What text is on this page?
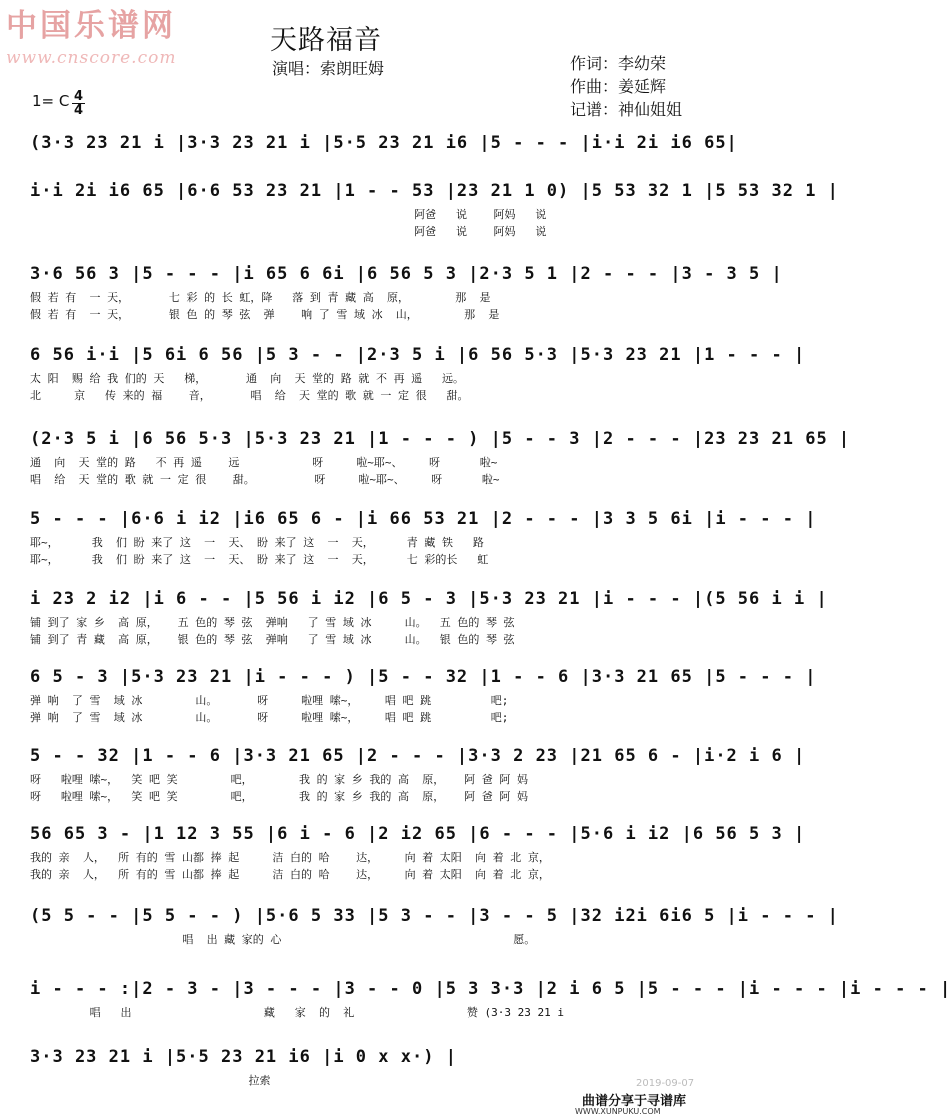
中国乐谱网
www.cnscore.com
天路福音
演唱：索朗旺姆	作词：李幼荣
作曲：姜延辉
记谱：神仙姐姐
1= C 4
4
(3·3 23 21 i |3·3 23 21 i |5·5 23 21 i6 |5 - - - |i·i 2i i6 65|
i·i 2i i6 65 |6·6 53 23 21 |1 - - 53 |23 21 1 0) |5 53 32 1 |5 53 32 1 |
阿爸   说    阿妈   说
阿爸   说    阿妈   说
3·6 56 3 |5 - - - |i 65 6 6i |6 56 5 3 |2·3 5 1 |2 - - - |3 - 3 5 |
假 若 有  一 天，      七 彩 的 长 虹，降   落 到 青 藏 高  原，       那  是
假 若 有  一 天，      银 色 的 琴 弦  弹    响 了 雪 域 冰  山，       那  是
6 56 i·i |5 6i 6 56 |5 3 - - |2·3 5 i |6 56 5·3 |5·3 23 21 |1 - - - |
太 阳  赐 给 我 们的 天   梯，      通  向  天 堂的 路 就 不 再 遥   远。
北     京   传 来的 福    音，      唱  给  天 堂的 歌 就 一 定 很   甜。
(2·3 5 i |6 56 5·3 |5·3 23 21 |1 - - - ) |5 - - 3 |2 - - - |23 23 21 65 |
通  向  天 堂的 路   不 再 遥    远           呀     啦~耶~、    呀      啦~
唱  给  天 堂的 歌 就 一 定 很    甜。         呀     啦~耶~、    呀      啦~
5 - - - |6·6 i i2 |i6 65 6 - |i 66 53 21 |2 - - - |3 3 5 6i |i - - - |
耶~，     我  们 盼 来了 这  一  天、 盼 来了 这  一  天，     青 藏 铁   路
耶~，     我  们 盼 来了 这  一  天、 盼 来了 这  一  天，     七 彩的长   虹
i 23 2 i2 |i 6 - - |5 56 i i2 |6 5 - 3 |5·3 23 21 |i - - - |(5 56 i i |
铺 到了 家 乡  高 原，   五 色的 琴 弦  弹响   了 雪 域 冰     山。  五 色的 琴 弦
铺 到了 青 藏  高 原，   银 色的 琴 弦  弹响   了 雪 域 冰     山。  银 色的 琴 弦
6 5 - 3 |5·3 23 21 |i - - - ) |5 - - 32 |1 - - 6 |3·3 21 65 |5 - - - |
弹 响  了 雪  域 冰        山。      呀     啦哩 嗦~，    唱 吧 跳         吧;
弹 响  了 雪  域 冰        山。      呀     啦哩 嗦~，    唱 吧 跳         吧;
5 - - 32 |1 - - 6 |3·3 21 65 |2 - - - |3·3 2 23 |21 65 6 - |i·2 i 6 |
呀   啦哩 嗦~，  笑 吧 笑        吧，       我 的 家 乡 我的 高  原，   阿 爸 阿 妈
呀   啦哩 嗦~，  笑 吧 笑        吧，       我 的 家 乡 我的 高  原，   阿 爸 阿 妈
56 65 3 - |1 12 3 55 |6 i - 6 |2 i2 65 |6 - - - |5·6 i i2 |6 56 5 3 |
我的 亲  人，  所 有的 雪 山都 捧 起     洁 白的 哈    达，    向 着 太阳  向 着 北 京，
我的 亲  人，  所 有的 雪 山都 捧 起     洁 白的 哈    达，    向 着 太阳  向 着 北 京，
(5 5 - - |5 5 - - ) |5·6 5 33 |5 3 - - |3 - - 5 |32 i2i 6i6 5 |i - - - |
唱  出 藏 家的 心                                   愿。
i - - - :|2 - 3 - |3 - - - |3 - - 0 |5 3 3·3 |2 i 6 5 |5 - - - |i - - - |i - - - |
唱   出                    藏   家  的  礼                 赞 (3·3 23 21 i
3·3 23 21 i |5·5 23 21 i6 |i 0 x x·) |
拉索	2019-09-07
曲谱分享于寻谱库
WWW.XUNPUKU.COM
